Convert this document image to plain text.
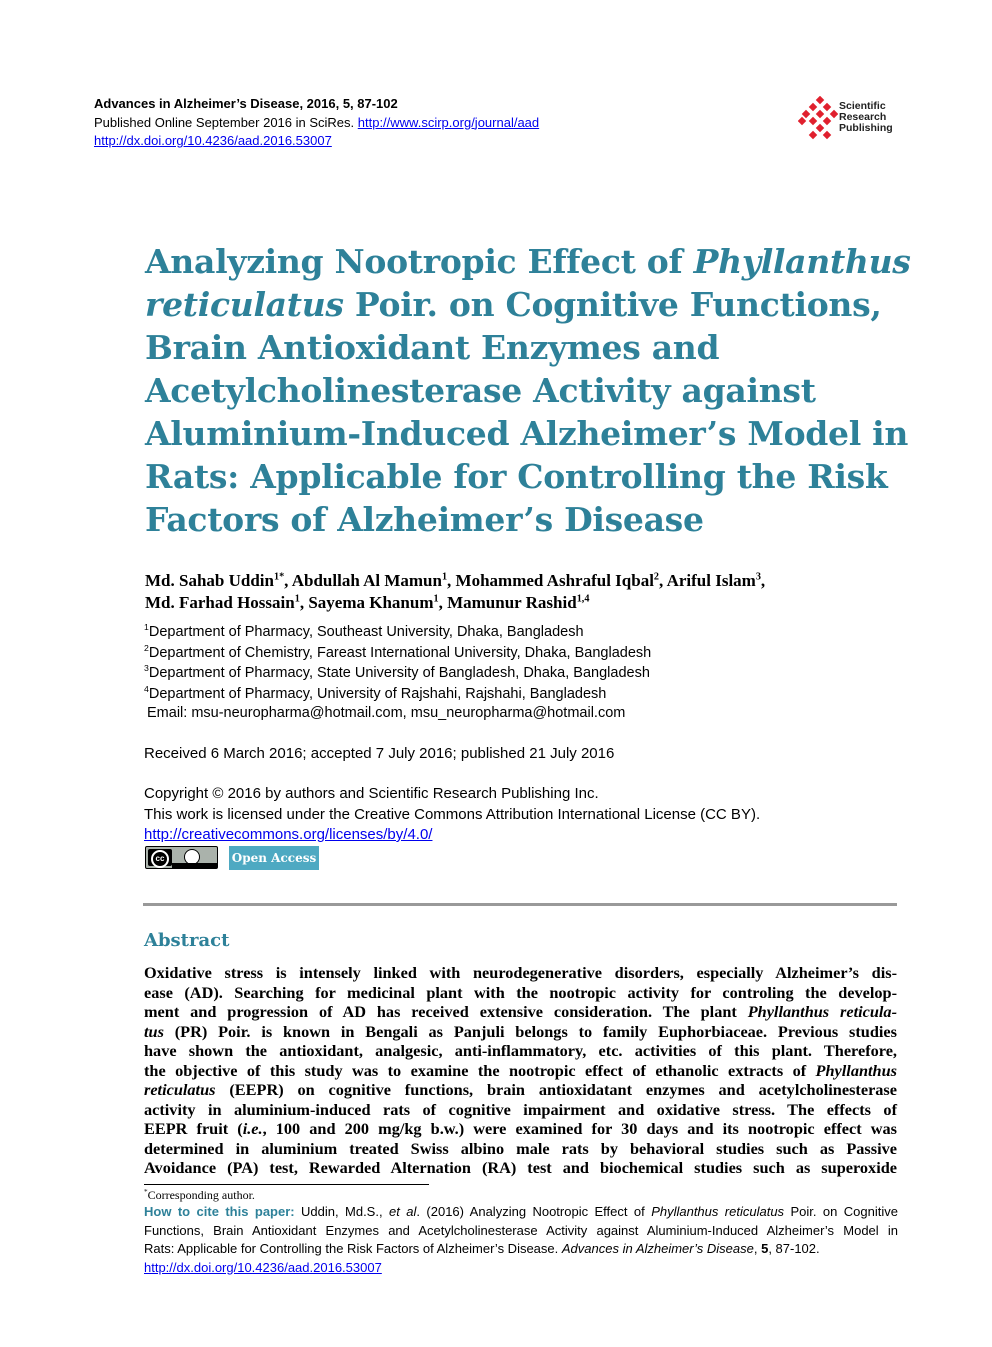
Advances in Alzheimer’s Disease, 2016, 5, 87-102
Published Online September 2016 in SciRes. http://www.scirp.org/journal/aad
http://dx.doi.org/10.4236/aad.2016.53007
Scientific
Research
Publishing
Analyzing Nootropic Effect of Phyllanthus
reticulatus Poir. on Cognitive Functions,
Brain Antioxidant Enzymes and
Acetylcholinesterase Activity against
Aluminium-Induced Alzheimer’s Model in
Rats: Applicable for Controlling the Risk
Factors of Alzheimer’s Disease
Md. Sahab Uddin$^{1*}$, Abdullah Al Mamun$^1$, Mohammed Ashraful Iqbal$^2$, Ariful Islam$^3$,
Md. Farhad Hossain$^1$, Sayema Khanum$^1$, Mamunur Rashid$^{1,4}$
$^1$Department of Pharmacy, Southeast University, Dhaka, Bangladesh
$^2$Department of Chemistry, Fareast International University, Dhaka, Bangladesh
$^3$Department of Pharmacy, State University of Bangladesh, Dhaka, Bangladesh
$^4$Department of Pharmacy, University of Rajshahi, Rajshahi, Bangladesh
Email: msu-neuropharma@hotmail.com, msu_neuropharma@hotmail.com
Received 6 March 2016; accepted 7 July 2016; published 21 July 2016
Copyright © 2016 by authors and Scientific Research Publishing Inc.
This work is licensed under the Creative Commons Attribution International License (CC BY).
http://creativecommons.org/licenses/by/4.0/
cc	Open Access
Abstract
Oxidative stress is intensely linked with neurodegenerative disorders, especially Alzheimer’s dis-
ease (AD). Searching for medicinal plant with the nootropic activity for controling the develop-
ment and progression of AD has received extensive consideration. The plant Phyllanthus reticula-
tus (PR) Poir. is known in Bengali as Panjuli belongs to family Euphorbiaceae. Previous studies
have shown the antioxidant, analgesic, anti-inflammatory, etc. activities of this plant. Therefore,
the objective of this study was to examine the nootropic effect of ethanolic extracts of Phyllanthus
reticulatus (EEPR) on cognitive functions, brain antioxidatant enzymes and acetylcholinesterase
activity in aluminium-induced rats of cognitive impairment and oxidative stress. The effects of
EEPR fruit (i.e., 100 and 200 mg/kg b.w.) were examined for 30 days and its nootropic effect was
determined in aluminium treated Swiss albino male rats by behavioral studies such as Passive
Avoidance (PA) test, Rewarded Alternation (RA) test and biochemical studies such as superoxide
*Corresponding author.
How to cite this paper: Uddin, Md.S., et al. (2016) Analyzing Nootropic Effect of Phyllanthus reticulatus Poir. on Cognitive
Functions, Brain Antioxidant Enzymes and Acetylcholinesterase Activity against Aluminium-Induced Alzheimer’s Model in
Rats: Applicable for Controlling the Risk Factors of Alzheimer’s Disease. Advances in Alzheimer’s Disease, 5, 87-102.
http://dx.doi.org/10.4236/aad.2016.53007
